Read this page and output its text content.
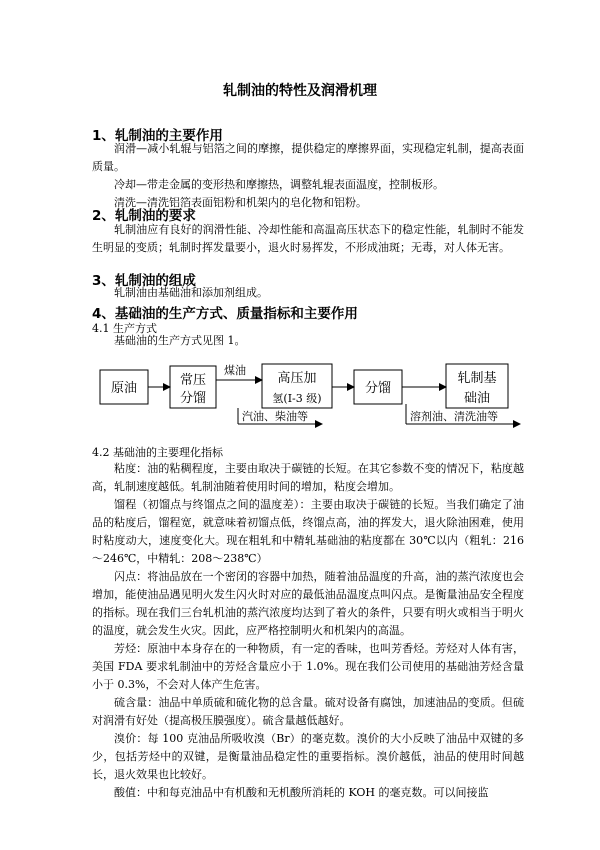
轧制油的特性及润滑机理
1、轧制油的主要作用
润滑—减小轧辊与铝箔之间的摩擦，提供稳定的摩擦界面，实现稳定轧制，提高表面质量。
冷却—带走金属的变形热和摩擦热，调整轧辊表面温度，控制板形。
清洗—清洗铝箔表面铝粉和机架内的皂化物和铝粉。
2、轧制油的要求
轧制油应有良好的润滑性能、冷却性能和高温高压状态下的稳定性能，轧制时不能发生明显的变质；轧制时挥发量要小，退火时易挥发，不形成油斑；无毒，对人体无害。
3、轧制油的组成
轧制油由基础油和添加剂组成。
4、基础油的生产方式、质量指标和主要作用
4.1 生产方式
基础油的生产方式见图 1。
原油
常压
分馏
煤油
高压加
氢(I-3 级)
汽油、柴油等
分馏
轧制基
础油
溶剂油、清洗油等
4.2 基础油的主要理化指标
粘度：油的粘稠程度，主要由取决于碳链的长短。在其它参数不变的情况下，粘度越高，轧制速度越低。轧制油随着使用时间的增加，粘度会增加。
馏程（初馏点与终馏点之间的温度差）：主要由取决于碳链的长短。当我们确定了油品的粘度后，馏程宽，就意味着初馏点低，终馏点高，油的挥发大，退火除油困难，使用时粘度动大，速度变化大。现在粗轧和中精轧基础油的粘度都在 30℃以内（粗轧：216～246℃，中精轧：208～238℃）
闪点：将油品放在一个密闭的容器中加热，随着油品温度的升高，油的蒸汽浓度也会增加，能使油品遇见明火发生闪火时对应的最低油品温度点叫闪点。是衡量油品安全程度的指标。现在我们三台轧机油的蒸汽浓度均达到了着火的条件，只要有明火或相当于明火的温度，就会发生火灾。因此，应严格控制明火和机架内的高温。
芳烃：原油中本身存在的一种物质，有一定的香味，也叫芳香烃。芳烃对人体有害，美国 FDA 要求轧制油中的芳烃含量应小于 1.0%。现在我们公司使用的基础油芳烃含量小于 0.3%，不会对人体产生危害。
硫含量：油品中单质硫和硫化物的总含量。硫对设备有腐蚀，加速油品的变质。但硫对润滑有好处（提高极压膜强度）。硫含量越低越好。
溴价：每 100 克油品所吸收溴（Br）的毫克数。溴价的大小反映了油品中双键的多少，包括芳烃中的双键，是衡量油品稳定性的重要指标。溴价越低，油品的使用时间越长，退火效果也比较好。
酸值：中和每克油品中有机酸和无机酸所消耗的 KOH 的毫克数。可以间接监
